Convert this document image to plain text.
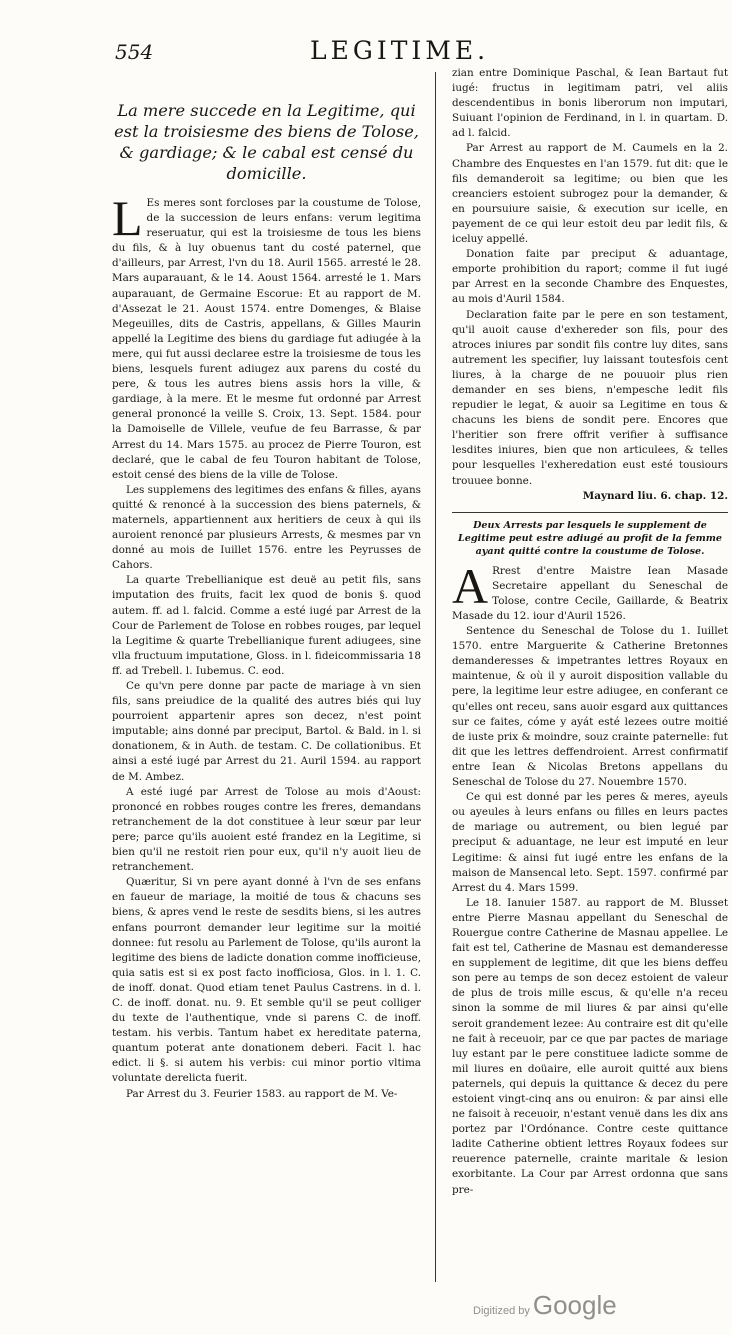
554	LEGITIME.
La mere succede en la Legitime, qui est la troisiesme des biens de Tolose, & gardiage; & le cabal est censé du domicille.

L Es meres sont forcloses par la coustume de Tolose, de la succession de leurs enfans: verum legitima reseruatur, qui est la troisiesme de tous les biens du fils, & à luy obuenus tant du costé paternel, que d'ailleurs, par Arrest, l'vn du 18. Auril 1565. arresté le 28. Mars auparauant, & le 14. Aoust 1564. arresté le 1. Mars auparauant, de Germaine Escorue: Et au rapport de M. d'Assezat le 21. Aoust 1574. entre Domenges, & Blaise Megeuilles, dits de Castris, appellans, & Gilles Maurin appellé la Legitime des biens du gardiage fut adiugée à la mere, qui fut aussi declaree estre la troisiesme de tous les biens, lesquels furent adiugez aux parens du costé du pere, & tous les autres biens assis hors la ville, & gardiage, à la mere. Et le mesme fut ordonné par Arrest general prononcé la veille S. Croix, 13. Sept. 1584. pour la Damoiselle de Villele, veufue de feu Barrasse, & par Arrest du 14. Mars 1575. au procez de Pierre Touron, est declaré, que le cabal de feu Touron habitant de Tolose, estoit censé des biens de la ville de Tolose.

Les supplemens des legitimes des enfans & filles, ayans quitté & renoncé à la succession des biens paternels, & maternels, appartiennent aux heritiers de ceux à qui ils auroient renoncé par plusieurs Arrests, & mesmes par vn donné au mois de Iuillet 1576. entre les Peyrusses de Cahors.

La quarte Trebellianique est deuë au petit fils, sans imputation des fruits, facit lex quod de bonis §. quod autem. ff. ad l. falcid. Comme a esté iugé par Arrest de la Cour de Parlement de Tolose en robbes rouges, par lequel la Legitime & quarte Trebellianique furent adiugees, sine vlla fructuum imputatione, Gloss. in l. fideicommissaria 18 ff. ad Trebell. l. Iubemus. C. eod.

Ce qu'vn pere donne par pacte de mariage à vn sien fils, sans preiudice de la qualité des autres biés qui luy pourroient appartenir apres son decez, n'est point imputable; ains donné par preciput, Bartol. & Bald. in l. si donationem, & in Auth. de testam. C. De collationibus. Et ainsi a esté iugé par Arrest du 21. Auril 1594. au rapport de M. Ambez.

A esté iugé par Arrest de Tolose au mois d'Aoust: prononcé en robbes rouges contre les freres, demandans retranchement de la dot constituee à leur sœur par leur pere; parce qu'ils auoient esté frandez en la Legitime, si bien qu'il ne restoit rien pour eux, qu'il n'y auoit lieu de retranchement.

Quæritur, Si vn pere ayant donné à l'vn de ses enfans en faueur de mariage, la moitié de tous & chacuns ses biens, & apres vend le reste de sesdits biens, si les autres enfans pourront demander leur legitime sur la moitié donnee: fut resolu au Parlement de Tolose, qu'ils auront la legitime des biens de ladicte donation comme inofficieuse, quia satis est si ex post facto inofficiosa, Glos. in l. 1. C. de inoff. donat. Quod etiam tenet Paulus Castrens. in d. l. C. de inoff. donat. nu. 9. Et semble qu'il se peut colliger du texte de l'authentique, vnde si parens C. de inoff. testam. his verbis. Tantum habet ex hereditate paterna, quantum poterat ante donationem deberi. Facit l. hac edict. li §. si autem his verbis: cui minor portio vltima voluntate derelicta fuerit.

Par Arrest du 3. Feurier 1583. au rapport de M. Ve-

zian entre Dominique Paschal, & Iean Bartaut fut iugé: fructus in legitimam patri, vel aliis descendentibus in bonis liberorum non imputari, Suiuant l'opinion de Ferdinand, in l. in quartam. D. ad l. falcid.

Par Arrest au rapport de M. Caumels en la 2. Chambre des Enquestes en l'an 1579. fut dit: que le fils demanderoit sa legitime; ou bien que les creanciers estoient subrogez pour la demander, & en poursuiure saisie, & execution sur icelle, en payement de ce qui leur estoit deu par ledit fils, & iceluy appellé.

Donation faite par preciput & aduantage, emporte prohibition du raport; comme il fut iugé par Arrest en la seconde Chambre des Enquestes, au mois d'Auril 1584.

Declaration faite par le pere en son testament, qu'il auoit cause d'exhereder son fils, pour des atroces iniures par sondit fils contre luy dites, sans autrement les specifier, luy laissant toutesfois cent liures, à la charge de ne pouuoir plus rien demander en ses biens, n'empesche ledit fils repudier le legat, & auoir sa Legitime en tous & chacuns les biens de sondit pere. Encores que l'heritier son frere offrit verifier à suffisance lesdites iniures, bien que non articulees, & telles pour lesquelles l'exheredation eust esté tousiours trouuee bonne.

Maynard liu. 6. chap. 12.
Deux Arrests par lesquels le supplement de Legitime peut estre adiugé au profit de la femme ayant quitté contre la coustume de Tolose.

A Rrest d'entre Maistre Iean Masade Secretaire appellant du Seneschal de Tolose, contre Cecile, Gaillarde, & Beatrix Masade du 12. iour d'Auril 1526.

Sentence du Seneschal de Tolose du 1. Iuillet 1570. entre Marguerite & Catherine Bretonnes demanderesses & impetrantes lettres Royaux en maintenue, & où il y auroit disposition vallable du pere, la legitime leur estre adiugee, en conferant ce qu'elles ont receu, sans auoir esgard aux quittances sur ce faites, cóme y ayát esté lezees outre moitié de iuste prix & moindre, souz crainte paternelle: fut dit que les lettres deffendroient. Arrest confirmatif entre Iean & Nicolas Bretons appellans du Seneschal de Tolose du 27. Nouembre 1570.

Ce qui est donné par les peres & meres, ayeuls ou ayeules à leurs enfans ou filles en leurs pactes de mariage ou autrement, ou bien legué par preciput & aduantage, ne leur est imputé en leur Legitime: & ainsi fut iugé entre les enfans de la maison de Mansencal leto. Sept. 1597. confirmé par Arrest du 4. Mars 1599.

Le 18. Ianuier 1587. au rapport de M. Blusset entre Pierre Masnau appellant du Seneschal de Rouergue contre Catherine de Masnau appellee. Le fait est tel, Catherine de Masnau est demanderesse en supplement de legitime, dit que les biens deffeu son pere au temps de son decez estoient de valeur de plus de trois mille escus, & qu'elle n'a receu sinon la somme de mil liures & par ainsi qu'elle seroit grandement lezee: Au contraire est dit qu'elle ne fait à receuoir, par ce que par pactes de mariage luy estant par le pere constituee ladicte somme de mil liures en doüaire, elle auroit quitté aux biens paternels, qui depuis la quittance & decez du pere estoient vingt-cinq ans ou enuiron: & par ainsi elle ne faisoit à receuoir, n'estant venuë dans les dix ans portez par l'Ordónance. Contre ceste quittance ladite Catherine obtient lettres Royaux fodees sur reuerence paternelle, crainte maritale & lesion exorbitante. La Cour par Arrest ordonna que sans pre-

Digitized by Google
